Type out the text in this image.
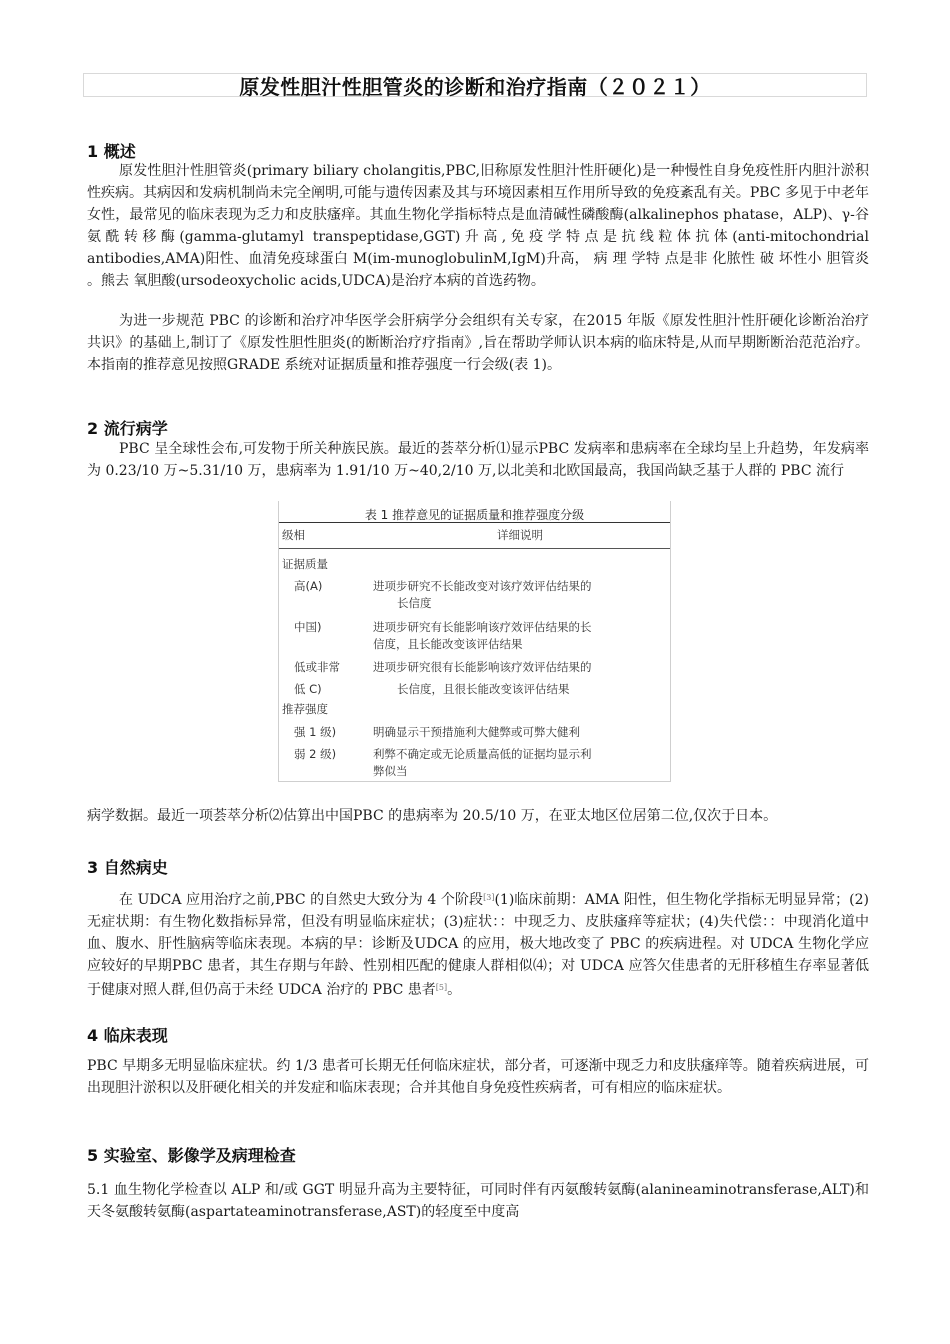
原发性胆汁性胆管炎的诊断和治疗指南（２０２１）
1 概述
原发性胆汁性胆管炎(primary biliary cholangitis,PBC,旧称原发性胆汁性肝硬化)是一种慢性自身免疫性肝内胆汁淤积性疾病。其病因和发病机制尚未完全阐明,可能与遗传因素及其与环境因素相互作用所导致的免疫紊乱有关。PBC 多见于中老年女性，最常见的临床表现为乏力和皮肤瘙痒。其血生物化学指标特点是血清碱性磷酸酶(alkalinephos phatase，ALP)、γ-谷氨酰转移酶(gamma-glutamyl transpeptidase,GGT)升高,免疫学特点是抗线粒体抗体(anti-mitochondrial antibodies,AMA)阳性、血清免疫球蛋白 M(im-munoglobulinM,IgM)升高， 病 理 学特 点是非 化脓性 破 坏性小 胆管炎 。熊去 氧胆酸(ursodeoxycholic acids,UDCA)是治疗本病的首选药物。
为进一步规范 PBC 的诊断和治疗冲华医学会肝病学分会组织有关专家，在2015 年版《原发性胆汁性肝硬化诊断治治疗共识》的基础上,制订了《原发性胆性胆炎(的断断治疗疗指南》,旨在帮助学师认识本病的临床特是,从而早期断断治范范治疗。本指南的推荐意见按照GRADE 系统对证据质量和推荐强度一行会级(表 1)。
2 流行病学
PBC 呈全球性会布,可发物于所关种族民族。最近的荟萃分析⑴显示PBC 发病率和患病率在全球均呈上升趋势，年发病率为 0.23/10 万~5.31/10 万，患病率为 1.91/10 万~40,2/10 万,以北美和北欧国最高，我国尚缺乏基于人群的 PBC 流行
表 1 推荐意见的证据质量和推荐强度分级
级相	详细说明
证据质量
高(A)	进项步研究不长能改变对该疗效评估结果的
长信度
中国)	进项步研究有长能影响该疗效评估结果的长
信度，且长能改变该评估结果
低或非常	进项步研究很有长能影响该疗效评估结果的
低 C)	长信度，且很长能改变该评估结果
推荐强度
强 1 级)	明确显示干预措施利大健弊或可弊大健利
弱 2 级)	利弊不确定或无论质量高低的证据均显示利
弊似当
病学数据。最近一项荟萃分析⑵估算出中国PBC 的患病率为 20.5/10 万，在亚太地区位居第二位,仅次于日本。
3 自然病史
在 UDCA 应用治疗之前,PBC 的自然史大致分为 4 个阶段[3](1)临床前期：AMA 阳性，但生物化学指标无明显异常；(2)无症状期：有生物化数指标异常，但没有明显临床症状；(3)症状：：中现乏力、皮肤瘙痒等症状；(4)失代偿：：中现消化道中血、腹水、肝性脑病等临床表现。本病的早：诊断及UDCA 的应用，极大地改变了 PBC 的疾病进程。对 UDCA 生物化学应应较好的早期PBC 患者，其生存期与年龄、性别相匹配的健康人群相似⑷；对 UDCA 应答欠佳患者的无肝移植生存率显著低于健康对照人群,但仍高于未经 UDCA 治疗的 PBC 患者[5]。
4 临床表现
PBC 早期多无明显临床症状。约 1/3 患者可长期无任何临床症状，部分者，可逐渐中现乏力和皮肤瘙痒等。随着疾病进展，可出现胆汁淤积以及肝硬化相关的并发症和临床表现；合并其他自身免疫性疾病者，可有相应的临床症状。
5 实验室、影像学及病理检查
5.1 血生物化学检查以 ALP 和/或 GGT 明显升高为主要特征，可同时伴有丙氨酸转氨酶(alanineaminotransferase,ALT)和天冬氨酸转氨酶(aspartateaminotransferase,AST)的轻度至中度高
